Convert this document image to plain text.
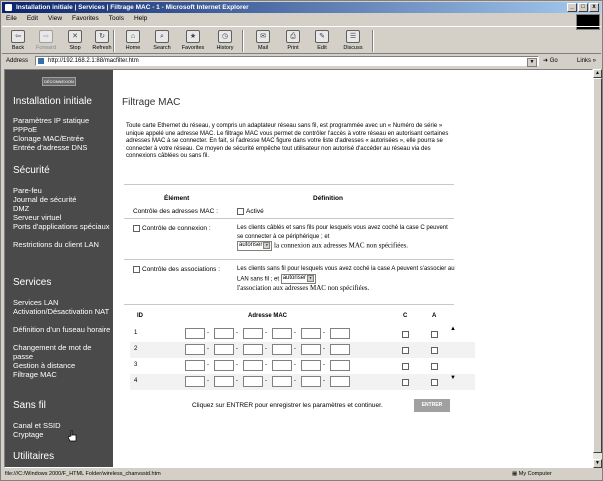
Installation initiale | Services | Filtrage MAC - 1 - Microsoft Internet Explorer	_	□	x
Eile Edit View Favorites Tools Help
⇦
Back
⇨
Forward
✕
Stop
↻
Refresh
⌂
Home
⌕
Search
★
Favorites
◷
History
✉
Mail
⎙
Print
✎
Edit
☰
Discuss
Address	http://192.168.2.1:88/macfilter.htm	▼	➜ Go	Links »
DÉCONNEXION
Installation initiale
Paramètres IP statique
PPPoE
Clonage MAC/Entrée
Entrée d'adresse DNS
Sécurité
Pare-feu
Journal de sécurité
DMZ
Serveur virtuel
Ports d'applications spéciaux
Restrictions du client LAN
Services
Services LAN
Activation/Désactivation NAT
Définition d'un fuseau horaire
Changement de mot de passe
Gestion à distance
Filtrage MAC
Sans fil
Canal et SSID
Cryptage
Utilitaires
Filtrage MAC
Toute carte Ethernet du réseau, y compris un adaptateur réseau sans fil, est programmée avec un « Numéro de série » unique appelé une adresse MAC. Le filtrage MAC vous permet de contrôler l'accès à votre réseau en autorisant certaines adresses MAC à se connecter. En fait, si l'adresse MAC figure dans votre liste d'adresses « autorisées », elle pourra se connecter à votre réseau. Ce moyen de sécurité empêche tout utilisateur non autorisé d'accéder au réseau via des connexions câblées ou sans fil.
Élément	Définition
Contrôle des adresses MAC :	Activé
Contrôle de connexion :	Les clients câblés et sans fils pour lesquels vous avez coché la case C peuvent se connecter à ce périphérique ; et
autoriser ▼ la connexion aux adresses MAC non spécifiées.
Contrôle des associations :	Les clients sans fil pour lesquels vous avez coché la case A peuvent s'associer au LAN sans fil ; et autoriser ▼
l'association aux adresses MAC non spécifiées.
ID	Adresse MAC	C	A
1	-	-	-	-	-
2	-	-	-	-	-
3	-	-	-	-	-
4	-	-	-	-	-
▲
▼
Cliquez sur ENTRER pour enregistrer les paramètres et continuer.	ENTRER
▲
▼
file:///C:/Windows 2000/F_HTML Folder/wireless_chanvssid.htm	▦ My Computer
